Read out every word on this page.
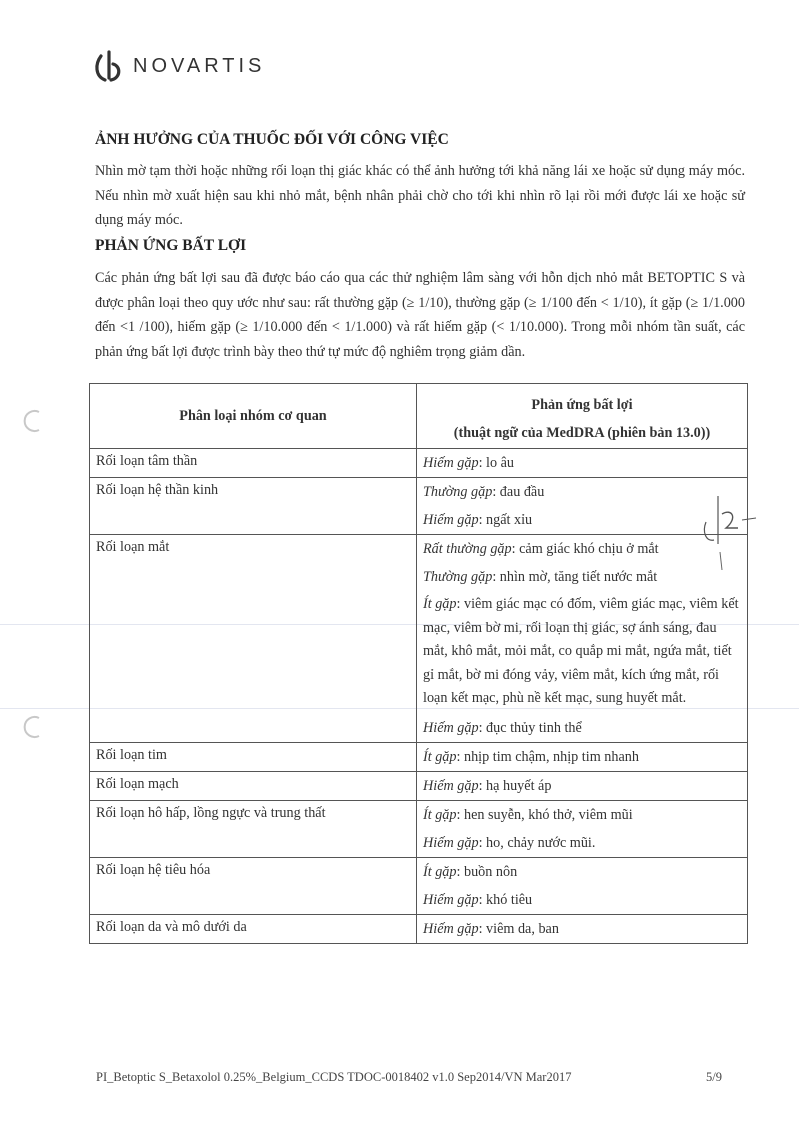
NOVARTIS
ẢNH HƯỞNG CỦA THUỐC ĐỐI VỚI CÔNG VIỆC
Nhìn mờ tạm thời hoặc những rối loạn thị giác khác có thể ảnh hưởng tới khả năng lái xe hoặc sử dụng máy móc. Nếu nhìn mờ xuất hiện sau khi nhỏ mắt, bệnh nhân phải chờ cho tới khi nhìn rõ lại rồi mới được lái xe hoặc sử dụng máy móc.
PHẢN ỨNG BẤT LỢI
Các phản ứng bất lợi sau đã được báo cáo qua các thử nghiệm lâm sàng với hỗn dịch nhỏ mắt BETOPTIC S và được phân loại theo quy ước như sau: rất thường gặp (≥ 1/10), thường gặp (≥ 1/100 đến < 1/10), ít gặp (≥ 1/1.000 đến <1 /100), hiếm gặp (≥ 1/10.000 đến < 1/1.000) và rất hiếm gặp (< 1/10.000). Trong mỗi nhóm tần suất, các phản ứng bất lợi được trình bày theo thứ tự mức độ nghiêm trọng giảm dần.
Phân loại nhóm cơ quan	Phản ứng bất lợi
(thuật ngữ của MedDRA (phiên bản 13.0))

Rối loạn tâm thần	Hiếm gặp: lo âu

Rối loạn hệ thần kinh	Thường gặp: đau đầu
Hiếm gặp: ngất xỉu

Rối loạn mắt	Rất thường gặp: cảm giác khó chịu ở mắt
Thường gặp: nhìn mờ, tăng tiết nước mắt
Ít gặp: viêm giác mạc có đốm, viêm giác mạc, viêm kết mạc, viêm bờ mi, rối loạn thị giác, sợ ánh sáng, đau mắt, khô mắt, mỏi mắt, co quắp mi mắt, ngứa mắt, tiết gỉ mắt, bờ mi đóng vảy, viêm mắt, kích ứng mắt, rối loạn kết mạc, phù nề kết mạc, sung huyết mắt.
Hiếm gặp: đục thủy tinh thể

Rối loạn tim	Ít gặp: nhịp tim chậm, nhịp tim nhanh

Rối loạn mạch	Hiếm gặp: hạ huyết áp

Rối loạn hô hấp, lồng ngực và trung thất	Ít gặp: hen suyễn, khó thở, viêm mũi
Hiếm gặp: ho, chảy nước mũi.

Rối loạn hệ tiêu hóa	Ít gặp: buồn nôn
Hiếm gặp: khó tiêu

Rối loạn da và mô dưới da	Hiếm gặp: viêm da, ban
PI_Betoptic S_Betaxolol 0.25%_Belgium_CCDS TDOC-0018402 v1.0 Sep2014/VN Mar2017	5/9
